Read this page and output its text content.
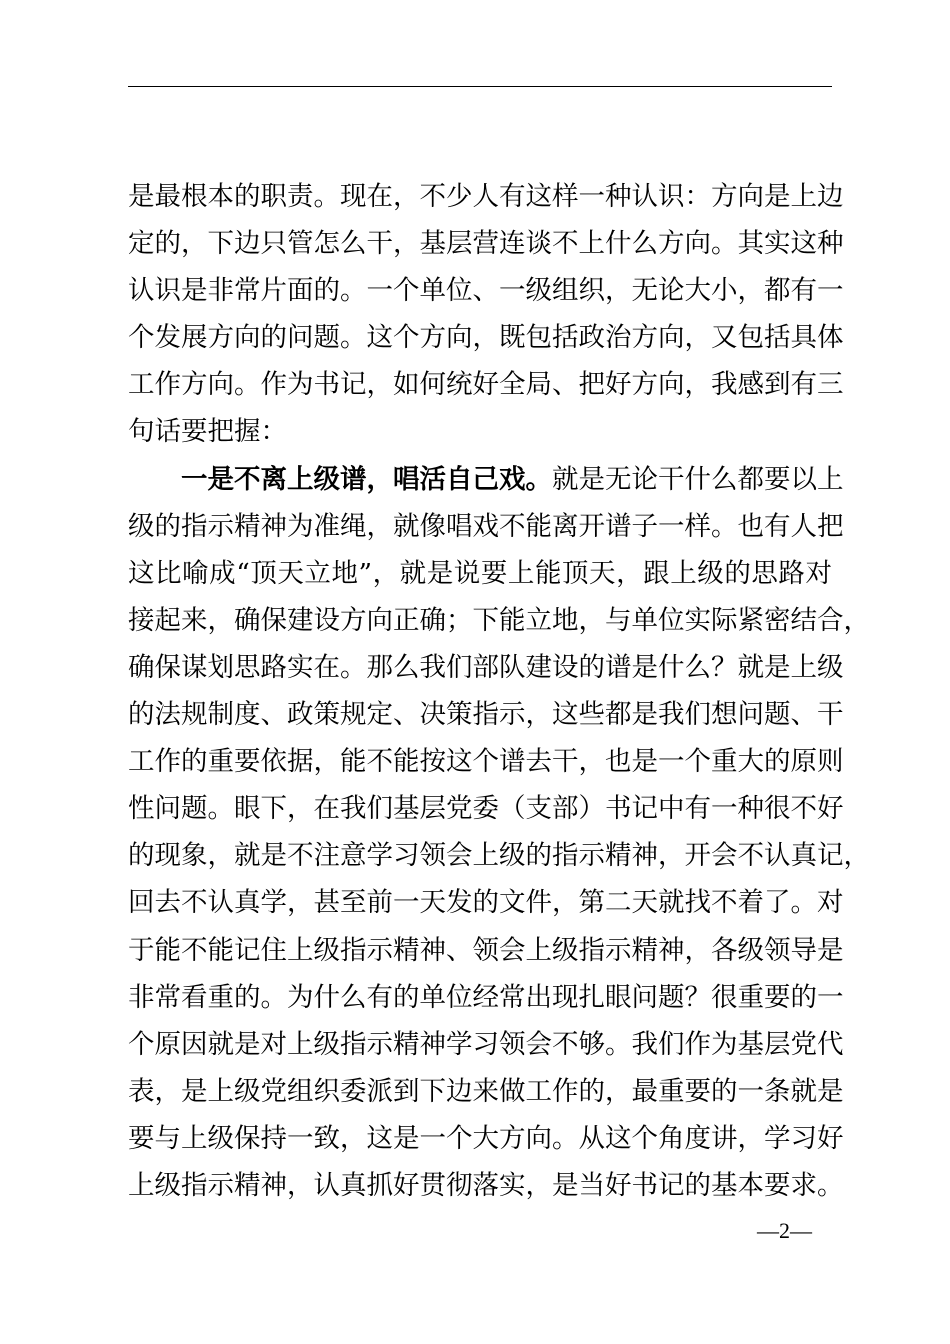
是最根本的职责。现在，不少人有这样一种认识：方向是上边
定的，下边只管怎么干，基层营连谈不上什么方向。其实这种
认识是非常片面的。一个单位、一级组织，无论大小，都有一
个发展方向的问题。这个方向，既包括政治方向，又包括具体
工作方向。作为书记，如何统好全局、把好方向，我感到有三
句话要把握：
一是不离上级谱，唱活自己戏。就是无论干什么都要以上
级的指示精神为准绳，就像唱戏不能离开谱子一样。也有人把
这比喻成“顶天立地”，就是说要上能顶天，跟上级的思路对
接起来，确保建设方向正确；下能立地，与单位实际紧密结合，
确保谋划思路实在。那么我们部队建设的谱是什么？就是上级
的法规制度、政策规定、决策指示，这些都是我们想问题、干
工作的重要依据，能不能按这个谱去干，也是一个重大的原则
性问题。眼下，在我们基层党委（支部）书记中有一种很不好
的现象，就是不注意学习领会上级的指示精神，开会不认真记，
回去不认真学，甚至前一天发的文件，第二天就找不着了。对
于能不能记住上级指示精神、领会上级指示精神，各级领导是
非常看重的。为什么有的单位经常出现扎眼问题？很重要的一
个原因就是对上级指示精神学习领会不够。我们作为基层党代
表，是上级党组织委派到下边来做工作的，最重要的一条就是
要与上级保持一致，这是一个大方向。从这个角度讲，学习好
上级指示精神，认真抓好贯彻落实，是当好书记的基本要求。
—2—
